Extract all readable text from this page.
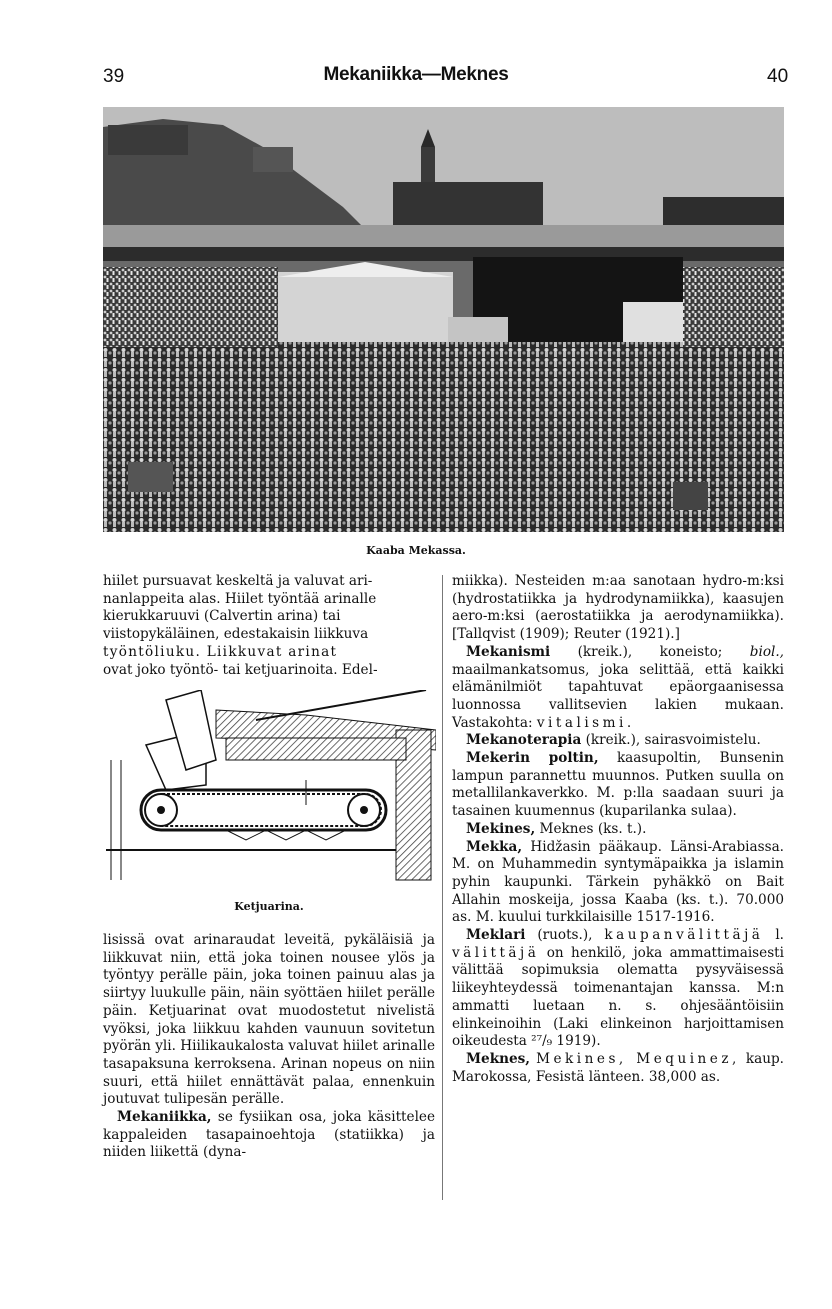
39	Mekaniikka—Meknes	40
Kaaba Mekassa.

hiilet pursuavat keskeltä ja valuvat ari-

nanlappeita alas. Hiilet työntää arinalle

kierukkaruuvi (Calvertin arina) tai

viistopykäläinen, edestakaisin liikkuva

työntöliuku. Liikkuvat arinat

ovat joko työntö- tai ketjuarinoita. Edel-

Ketjuarina.

lisissä ovat arinaraudat leveitä, pykäläisiä ja liikkuvat niin, että joka toinen nousee ylös ja työntyy perälle päin, joka toinen painuu alas ja siirtyy luukulle päin, näin syöttäen hiilet perälle päin. Ketjuarinat ovat muodostetut nivelistä vyöksi, joka liikkuu kahden vaunuun sovitetun pyörän yli. Hiilikaukalosta valuvat hiilet arinalle tasapaksuna kerroksena. Arinan nopeus on niin suuri, että hiilet ennättävät palaa, ennenkuin joutuvat tulipesän perälle.

Mekaniikka, se fysiikan osa, joka käsittelee kappaleiden tasapainoehtoja (statiikka) ja niiden liikettä (dyna-

miikka). Nesteiden m:aa sanotaan hydro-m:ksi (hydrostatiikka ja hydrodynamiikka), kaasujen aero-m:ksi (aerostatiikka ja aerodynamiikka). [Tallqvist (1909); Reuter (1921).]

Mekanismi (kreik.), koneisto; biol., maailmankatsomus, joka selittää, että kaikki elämänilmiöt tapahtuvat epäorgaanisessa luonnossa vallitsevien lakien mukaan. Vastakohta: vitalismi.

Mekanoterapia (kreik.), sairasvoimistelu.

Mekerin poltin, kaasupoltin, Bunsenin lampun parannettu muunnos. Putken suulla on metallilankaverkko. M. p:lla saadaan suuri ja tasainen kuumennus (kuparilanka sulaa).

Mekines, Meknes (ks. t.).

Mekka, Hidžasin pääkaup. Länsi-Arabiassa. M. on Muhammedin syntymäpaikka ja islamin pyhin kaupunki. Tärkein pyhäkkö on Bait Allahin moskeija, jossa Kaaba (ks. t.). 70.000 as. M. kuului turkkilaisille 1517-1916.

Meklari (ruots.), kaupanvälittäjä l. välittäjä on henkilö, joka ammattimaisesti välittää sopimuksia olematta pysyväisessä liikeyhteydessä toimenantajan kanssa. M:n ammatti luetaan n. s. ohjesääntöisiin elinkeinoihin (Laki elinkeinon harjoittamisen oikeudesta ²⁷/₉ 1919).

Meknes, Mekines, Mequinez, kaup. Marokossa, Fesistä länteen. 38,000 as.
